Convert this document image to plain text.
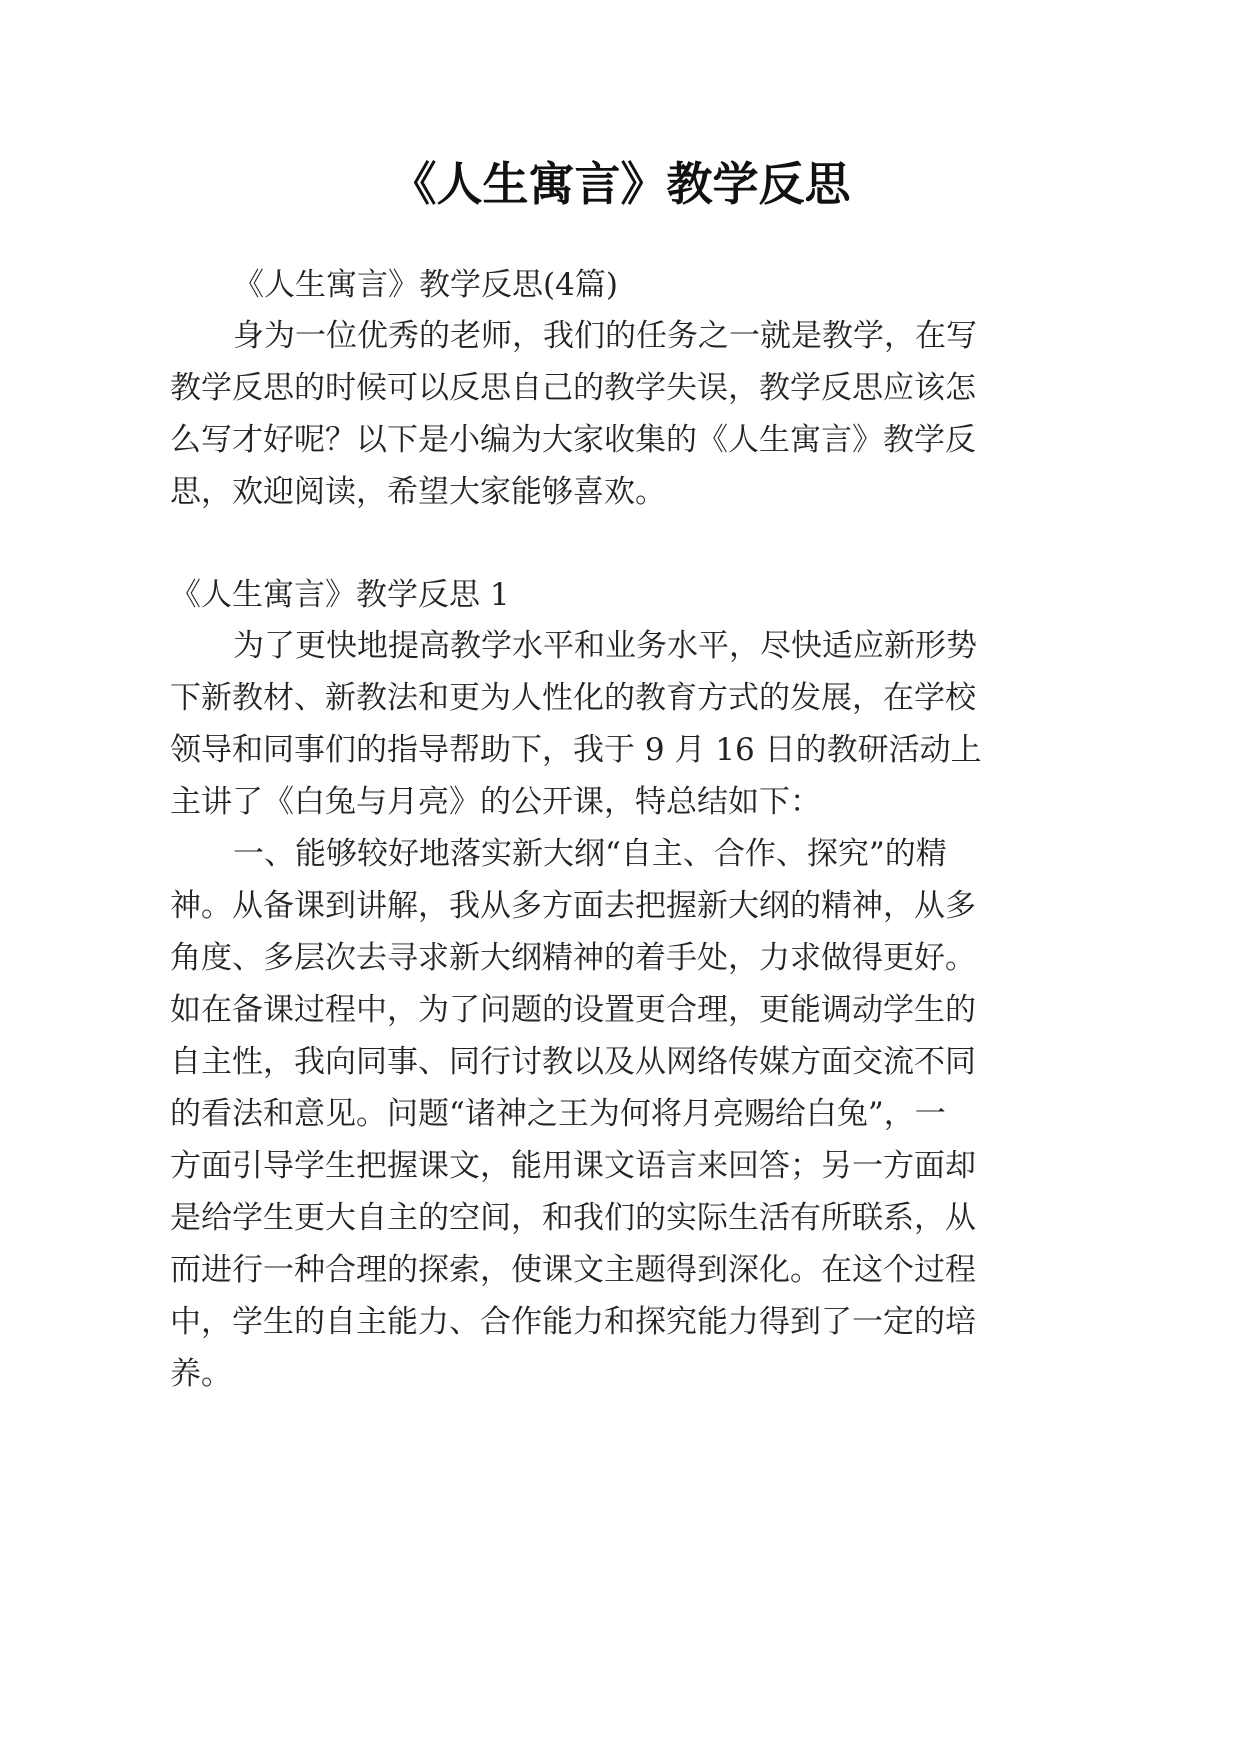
《人生寓言》教学反思

《人生寓言》教学反思(4篇)

身为一位优秀的老师，我们的任务之一就是教学，在写

教学反思的时候可以反思自己的教学失误，教学反思应该怎

么写才好呢？以下是小编为大家收集的《人生寓言》教学反

思，欢迎阅读，希望大家能够喜欢。

《人生寓言》教学反思 1

为了更快地提高教学水平和业务水平，尽快适应新形势

下新教材、新教法和更为人性化的教育方式的发展，在学校

领导和同事们的指导帮助下，我于 9 月 16 日的教研活动上

主讲了《白兔与月亮》的公开课，特总结如下：

一、能够较好地落实新大纲“自主、合作、探究”的精

神。从备课到讲解，我从多方面去把握新大纲的精神，从多

角度、多层次去寻求新大纲精神的着手处，力求做得更好。

如在备课过程中，为了问题的设置更合理，更能调动学生的

自主性，我向同事、同行讨教以及从网络传媒方面交流不同

的看法和意见。问题“诸神之王为何将月亮赐给白兔”，一

方面引导学生把握课文，能用课文语言来回答；另一方面却

是给学生更大自主的空间，和我们的实际生活有所联系，从

而进行一种合理的探索，使课文主题得到深化。在这个过程

中，学生的自主能力、合作能力和探究能力得到了一定的培

养。
